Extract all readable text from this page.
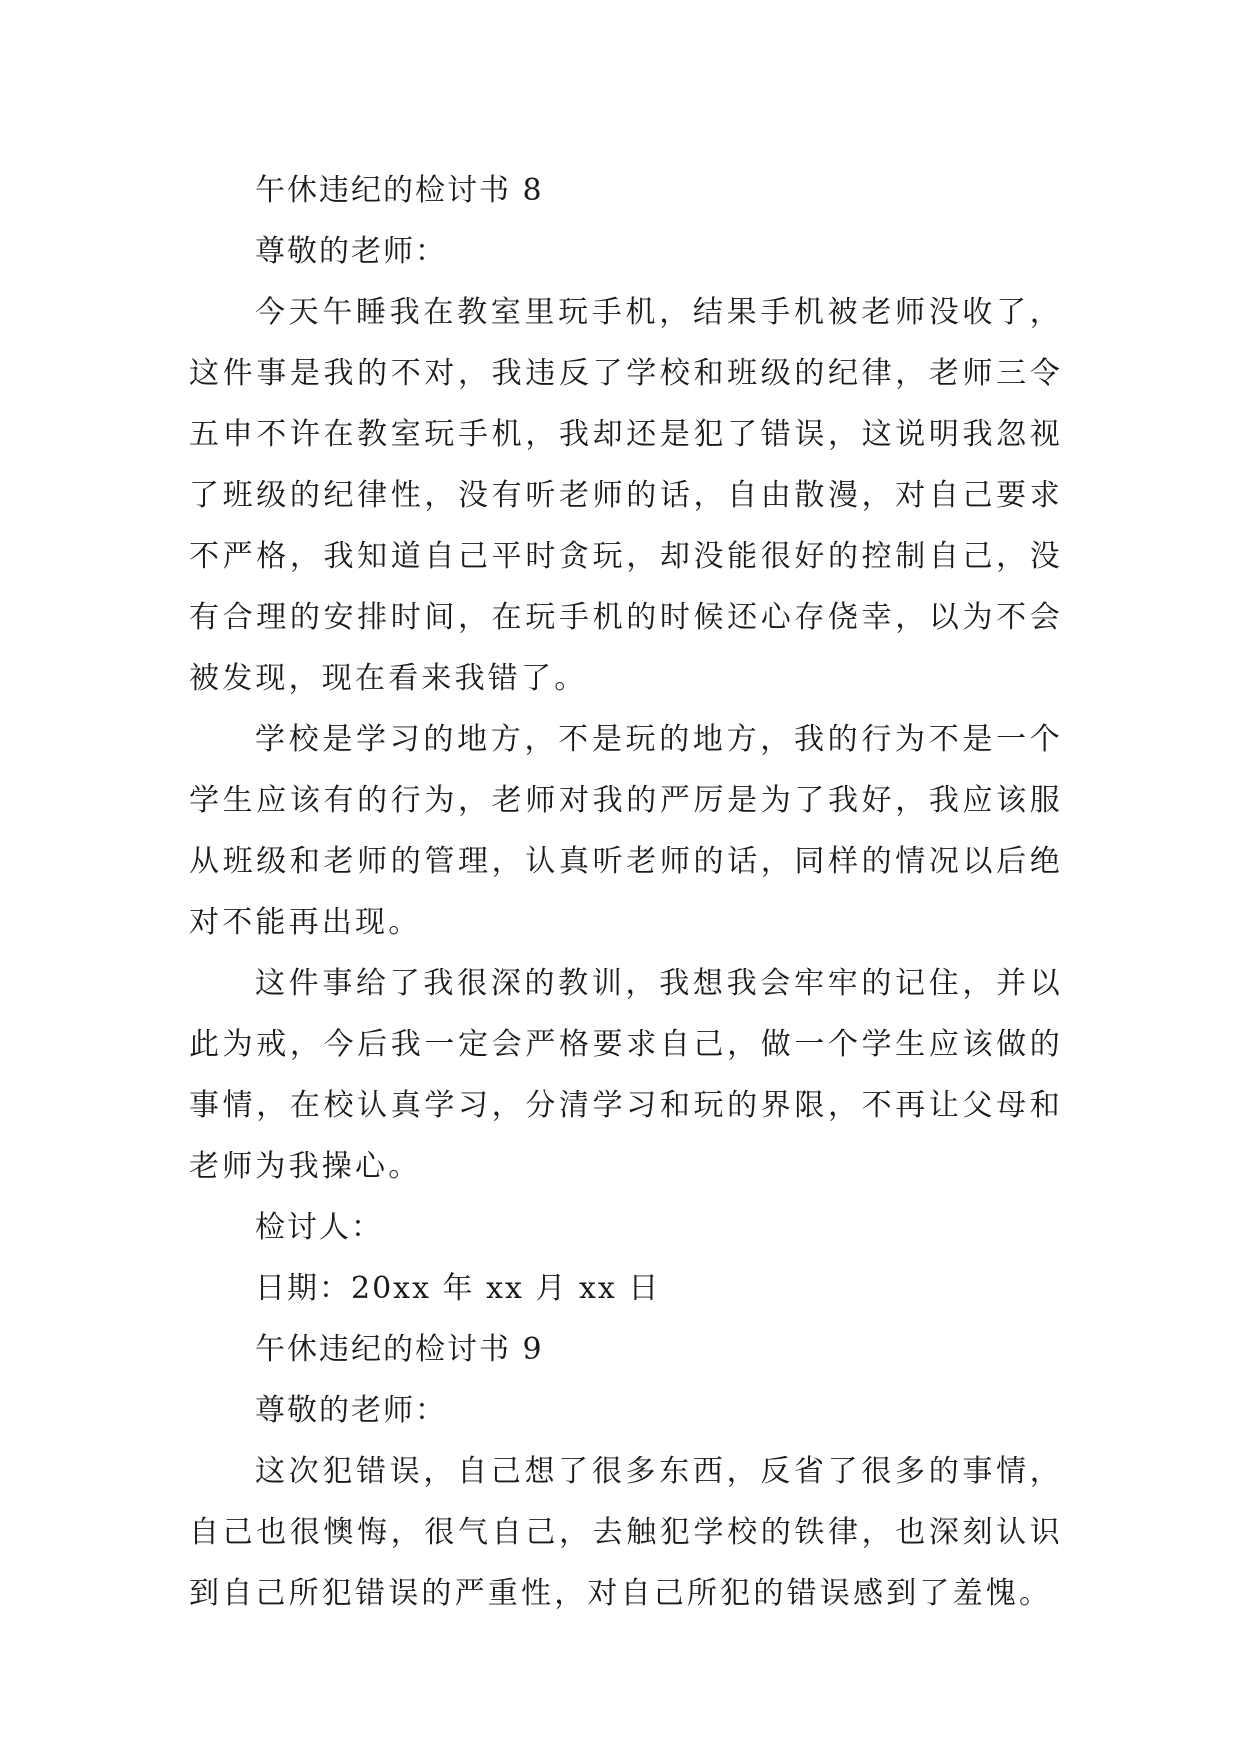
午休违纪的检讨书 8
尊敬的老师：

今天午睡我在教室里玩手机，结果手机被老师没收了，这件事是我的不对，我违反了学校和班级的纪律，老师三令五申不许在教室玩手机，我却还是犯了错误，这说明我忽视了班级的纪律性，没有听老师的话，自由散漫，对自己要求不严格，我知道自己平时贪玩，却没能很好的控制自己，没有合理的安排时间，在玩手机的时候还心存侥幸，以为不会被发现，现在看来我错了。

学校是学习的地方，不是玩的地方，我的行为不是一个学生应该有的行为，老师对我的严厉是为了我好，我应该服从班级和老师的管理，认真听老师的话，同样的情况以后绝对不能再出现。

这件事给了我很深的教训，我想我会牢牢的记住，并以此为戒，今后我一定会严格要求自己，做一个学生应该做的事情，在校认真学习，分清学习和玩的界限，不再让父母和老师为我操心。

检讨人：
日期：20xx 年 xx 月 xx 日
午休违纪的检讨书 9
尊敬的老师：

这次犯错误，自己想了很多东西，反省了很多的事情，自己也很懊悔，很气自己，去触犯学校的铁律，也深刻认识到自己所犯错误的严重性，对自己所犯的错误感到了羞愧。
